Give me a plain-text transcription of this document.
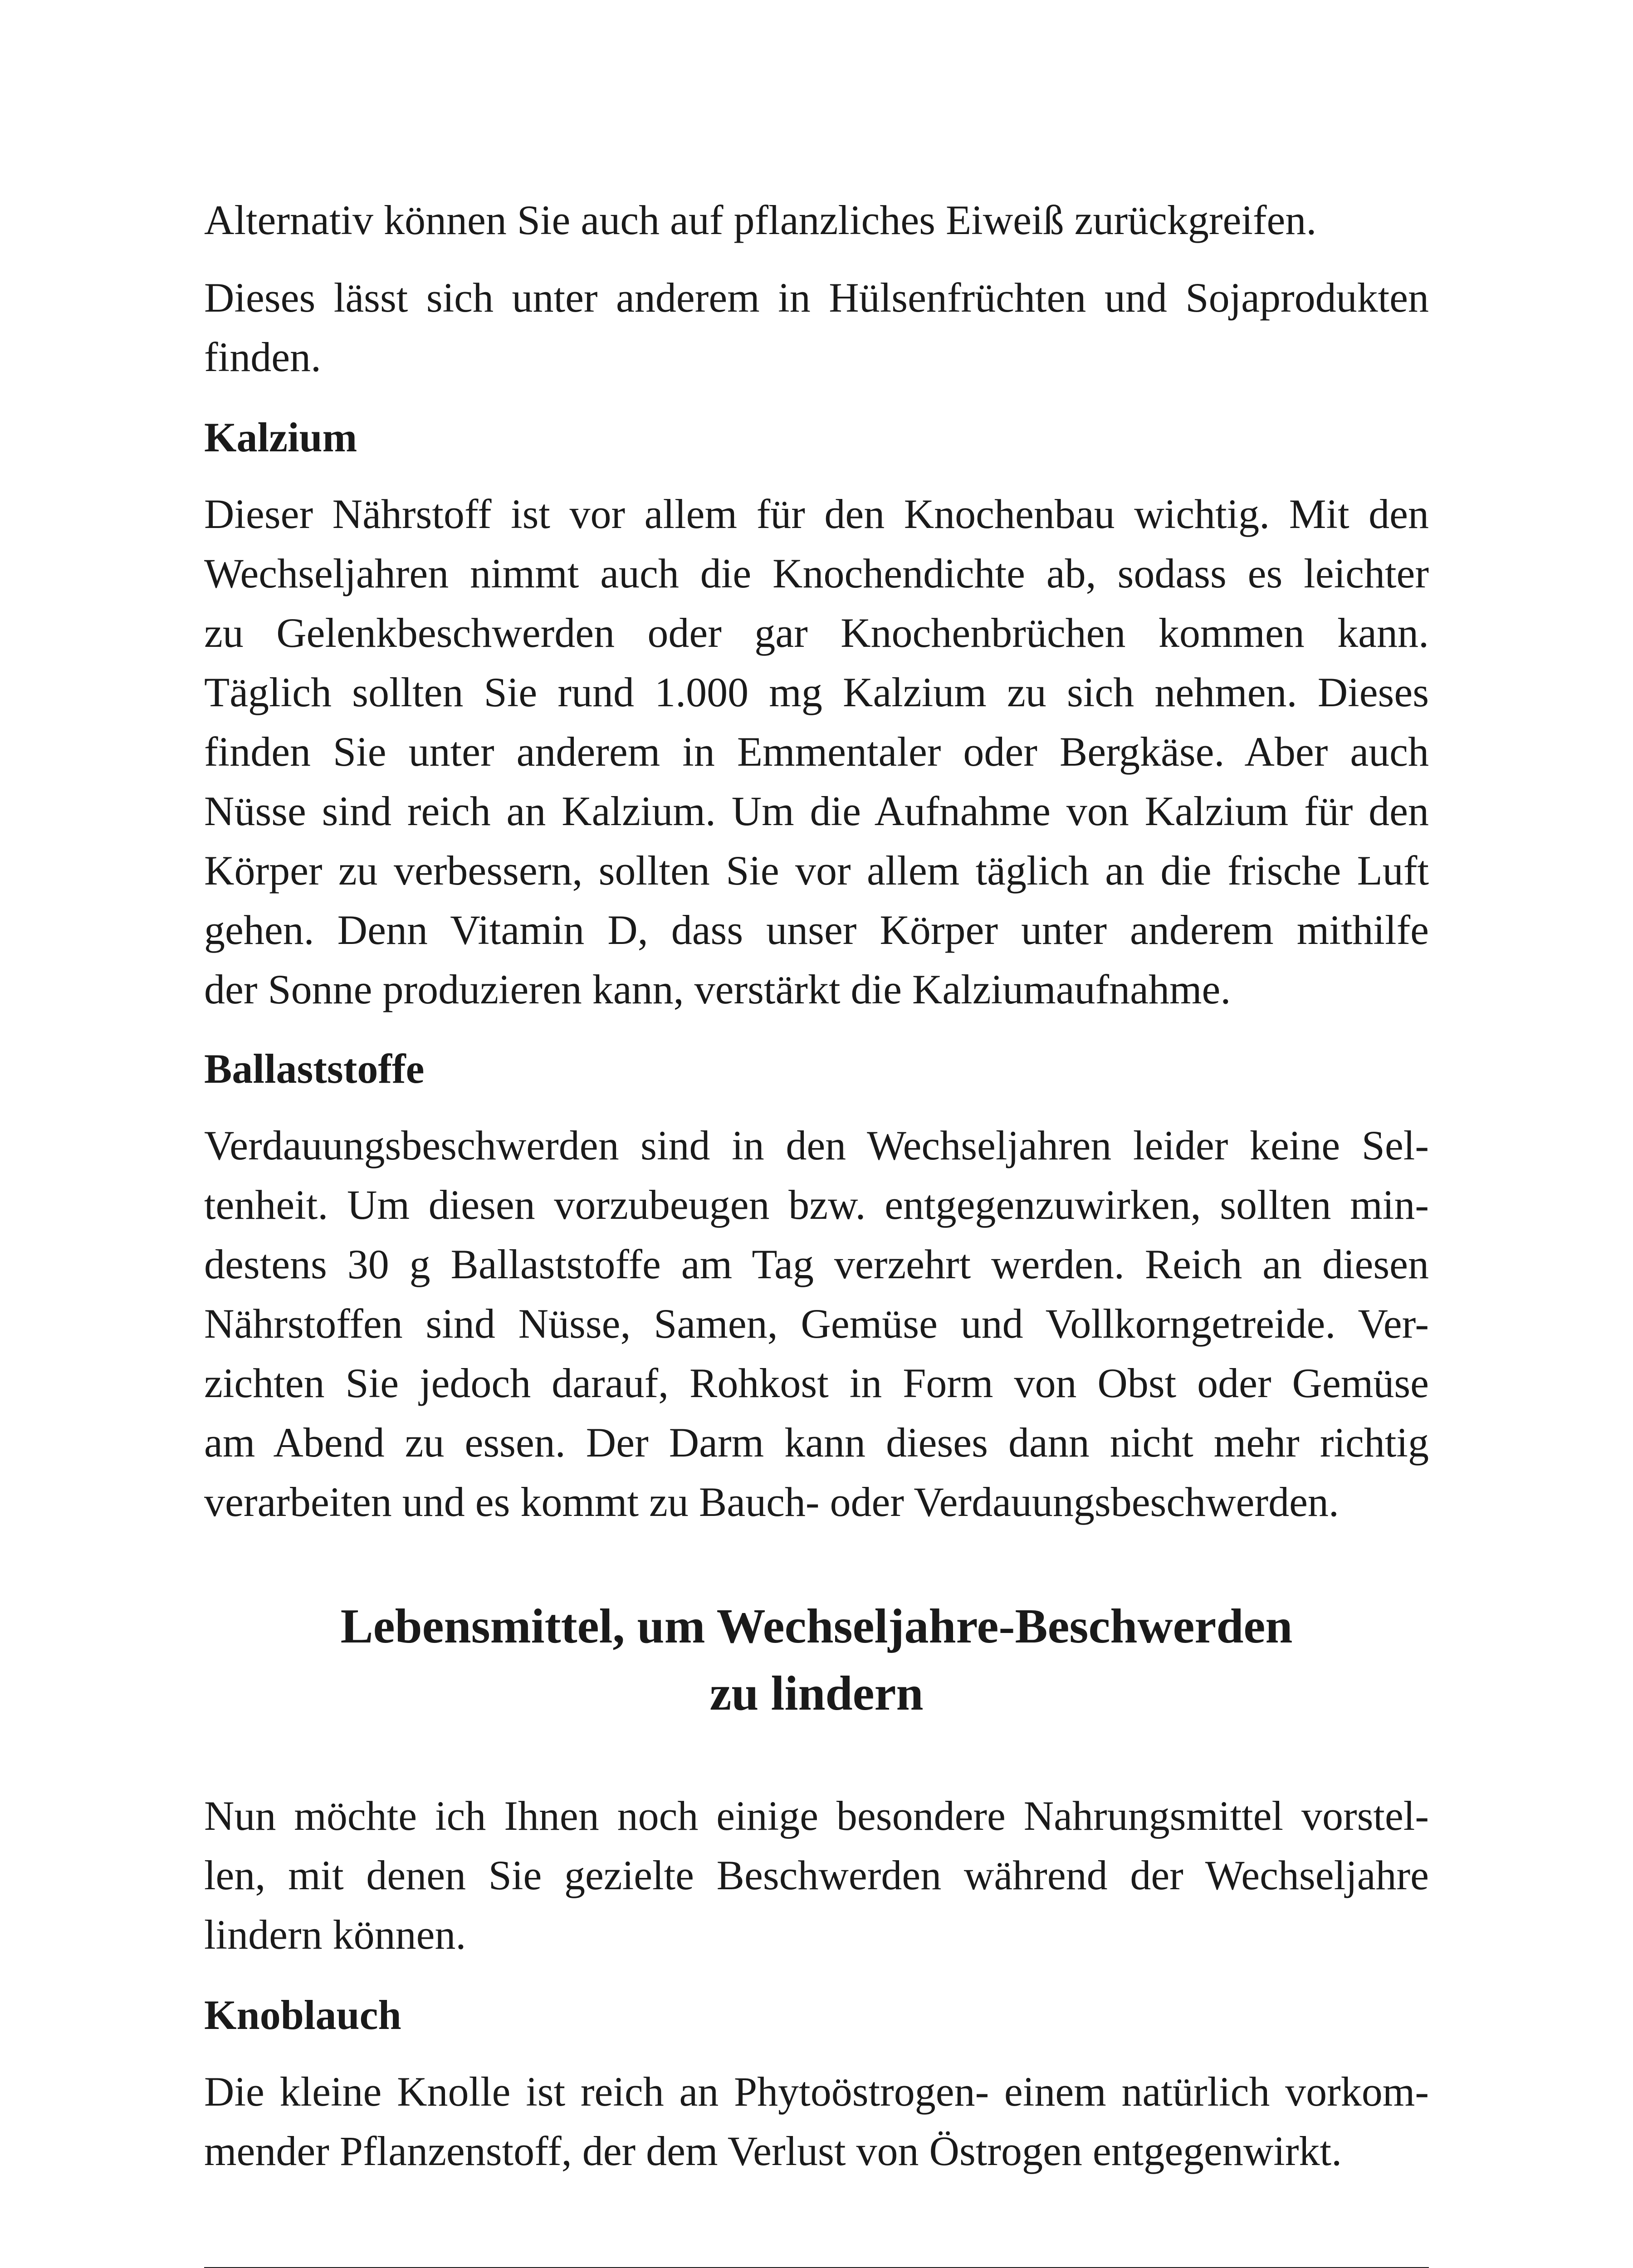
Alternativ können Sie auch auf pflanzliches Eiweiß zurückgreifen.

Dieses lässt sich unter anderem in Hülsenfrüchten und Sojaprodukten
finden.

Kalzium

Dieser Nährstoff ist vor allem für den Knochenbau wichtig. Mit den
Wechseljahren nimmt auch die Knochendichte ab, sodass es leichter
zu Gelenkbeschwerden oder gar Knochenbrüchen kommen kann.
Täglich sollten Sie rund 1.000 mg Kalzium zu sich nehmen. Dieses
finden Sie unter anderem in Emmentaler oder Bergkäse. Aber auch
Nüsse sind reich an Kalzium. Um die Aufnahme von Kalzium für den
Körper zu verbessern, sollten Sie vor allem täglich an die frische Luft
gehen. Denn Vitamin D, dass unser Körper unter anderem mithilfe
der Sonne produzieren kann, verstärkt die Kalziumaufnahme.

Ballaststoffe

Verdauungsbeschwerden sind in den Wechseljahren leider keine Sel-
tenheit. Um diesen vorzubeugen bzw. entgegenzuwirken, sollten min-
destens 30 g Ballaststoffe am Tag verzehrt werden. Reich an diesen
Nährstoffen sind Nüsse, Samen, Gemüse und Vollkorngetreide. Ver-
zichten Sie jedoch darauf, Rohkost in Form von Obst oder Gemüse
am Abend zu essen. Der Darm kann dieses dann nicht mehr richtig
verarbeiten und es kommt zu Bauch- oder Verdauungsbeschwerden.

Lebensmittel, um Wechseljahre-Beschwerden
zu lindern

Nun möchte ich Ihnen noch einige besondere Nahrungsmittel vorstel-
len, mit denen Sie gezielte Beschwerden während der Wechseljahre
lindern können.

Knoblauch

Die kleine Knolle ist reich an Phytoöstrogen- einem natürlich vorkom-
mender Pflanzenstoff, der dem Verlust von Östrogen entgegenwirkt.
